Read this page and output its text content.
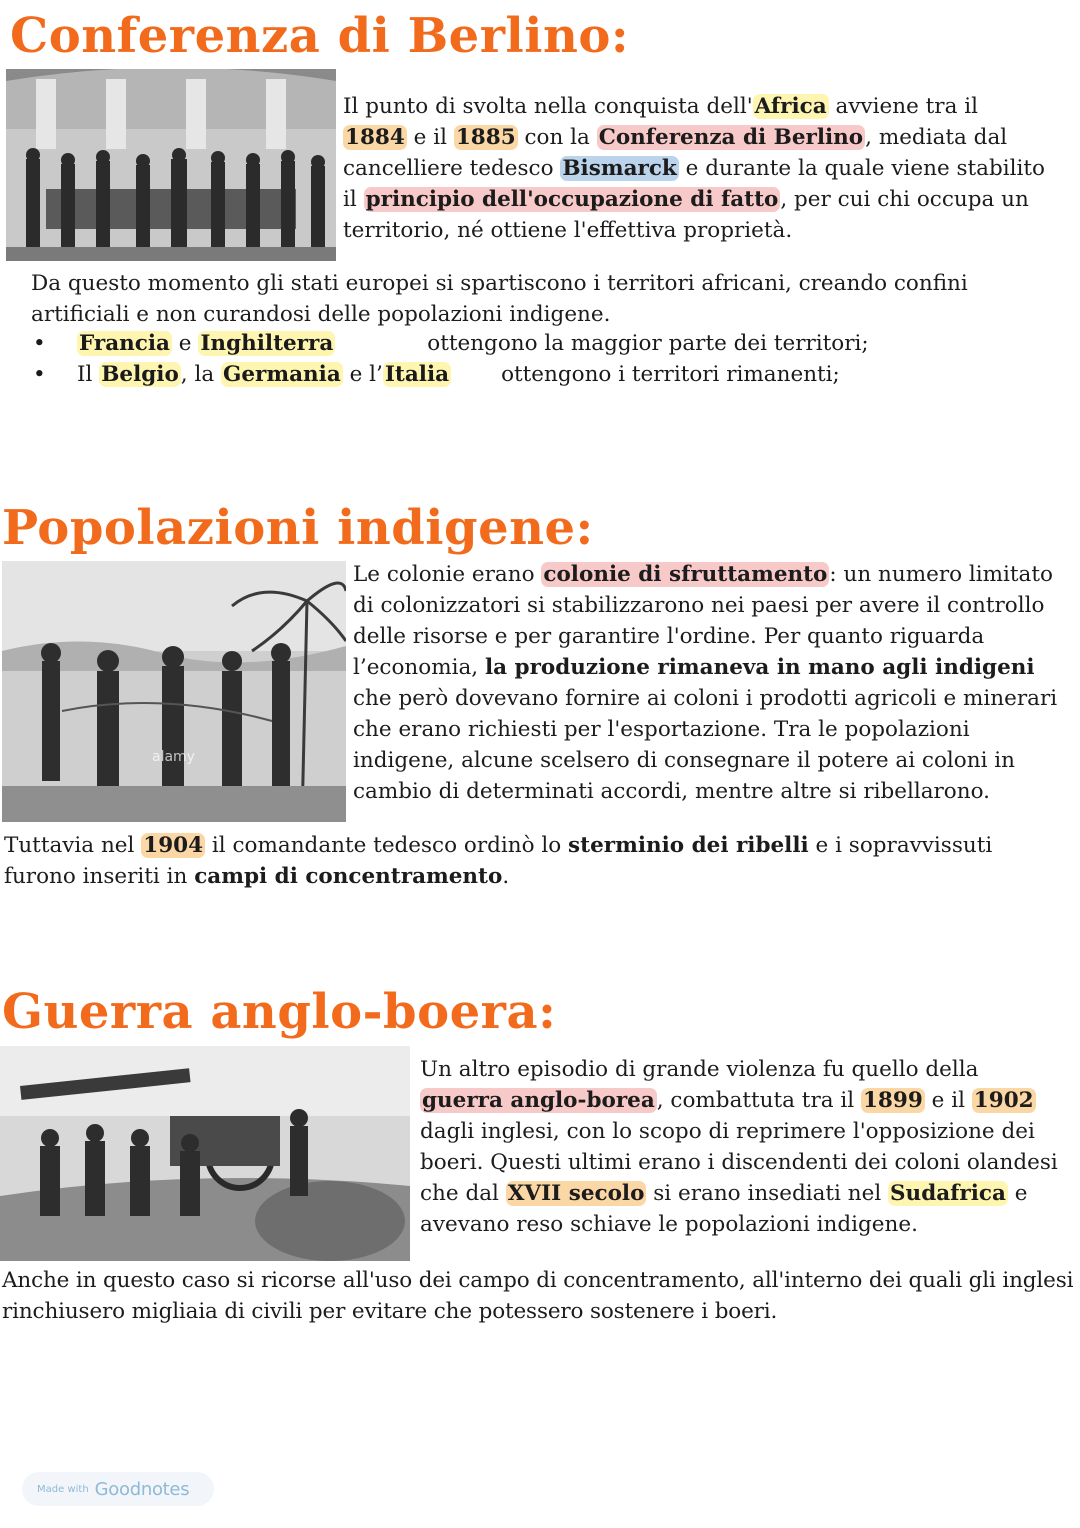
Conferenza di Berlino:

Il punto di svolta nella conquista dell'Africa avviene tra il
1884 e il 1885 con la Conferenza di Berlino, mediata dal cancelliere tedesco Bismarck e durante la quale viene stabilito il principio dell'occupazione di fatto, per cui chi occupa un territorio, né ottiene l'effettiva proprietà.

Da questo momento gli stati europei si spartiscono i territori africani, creando confini artificiali e non curandosi delle popolazioni indigene.

• Francia e Inghilterra	ottengono la maggior parte dei territori;
• Il Belgio, la Germania e l’Italia ottengono i territori rimanenti;
Popolazioni indigene:
alamy

Le colonie erano colonie di sfruttamento: un numero limitato di colonizzatori si stabilizzarono nei paesi per avere il controllo delle risorse e per garantire l'ordine. Per quanto riguarda l’economia, la produzione rimaneva in mano agli indigeni che però dovevano fornire ai coloni i prodotti agricoli e minerari che erano richiesti per l'esportazione. Tra le popolazioni indigene, alcune scelsero di consegnare il potere ai coloni in cambio di determinati accordi, mentre altre si ribellarono.

Tuttavia nel 1904 il comandante tedesco ordinò lo sterminio dei ribelli e i sopravvissuti furono inseriti in campi di concentramento.

Guerra anglo-boera:

Un altro episodio di grande violenza fu quello della guerra anglo-borea, combattuta tra il 1899 e il 1902 dagli inglesi, con lo scopo di reprimere l'opposizione dei boeri. Questi ultimi erano i discendenti dei coloni olandesi che dal XVII secolo si erano insediati nel Sudafrica e avevano reso schiave le popolazioni indigene.

Anche in questo caso si ricorse all'uso dei campo di concentramento, all'interno dei quali gli inglesi rinchiusero migliaia di civili per evitare che potessero sostenere i boeri.

Made with Goodnotes
